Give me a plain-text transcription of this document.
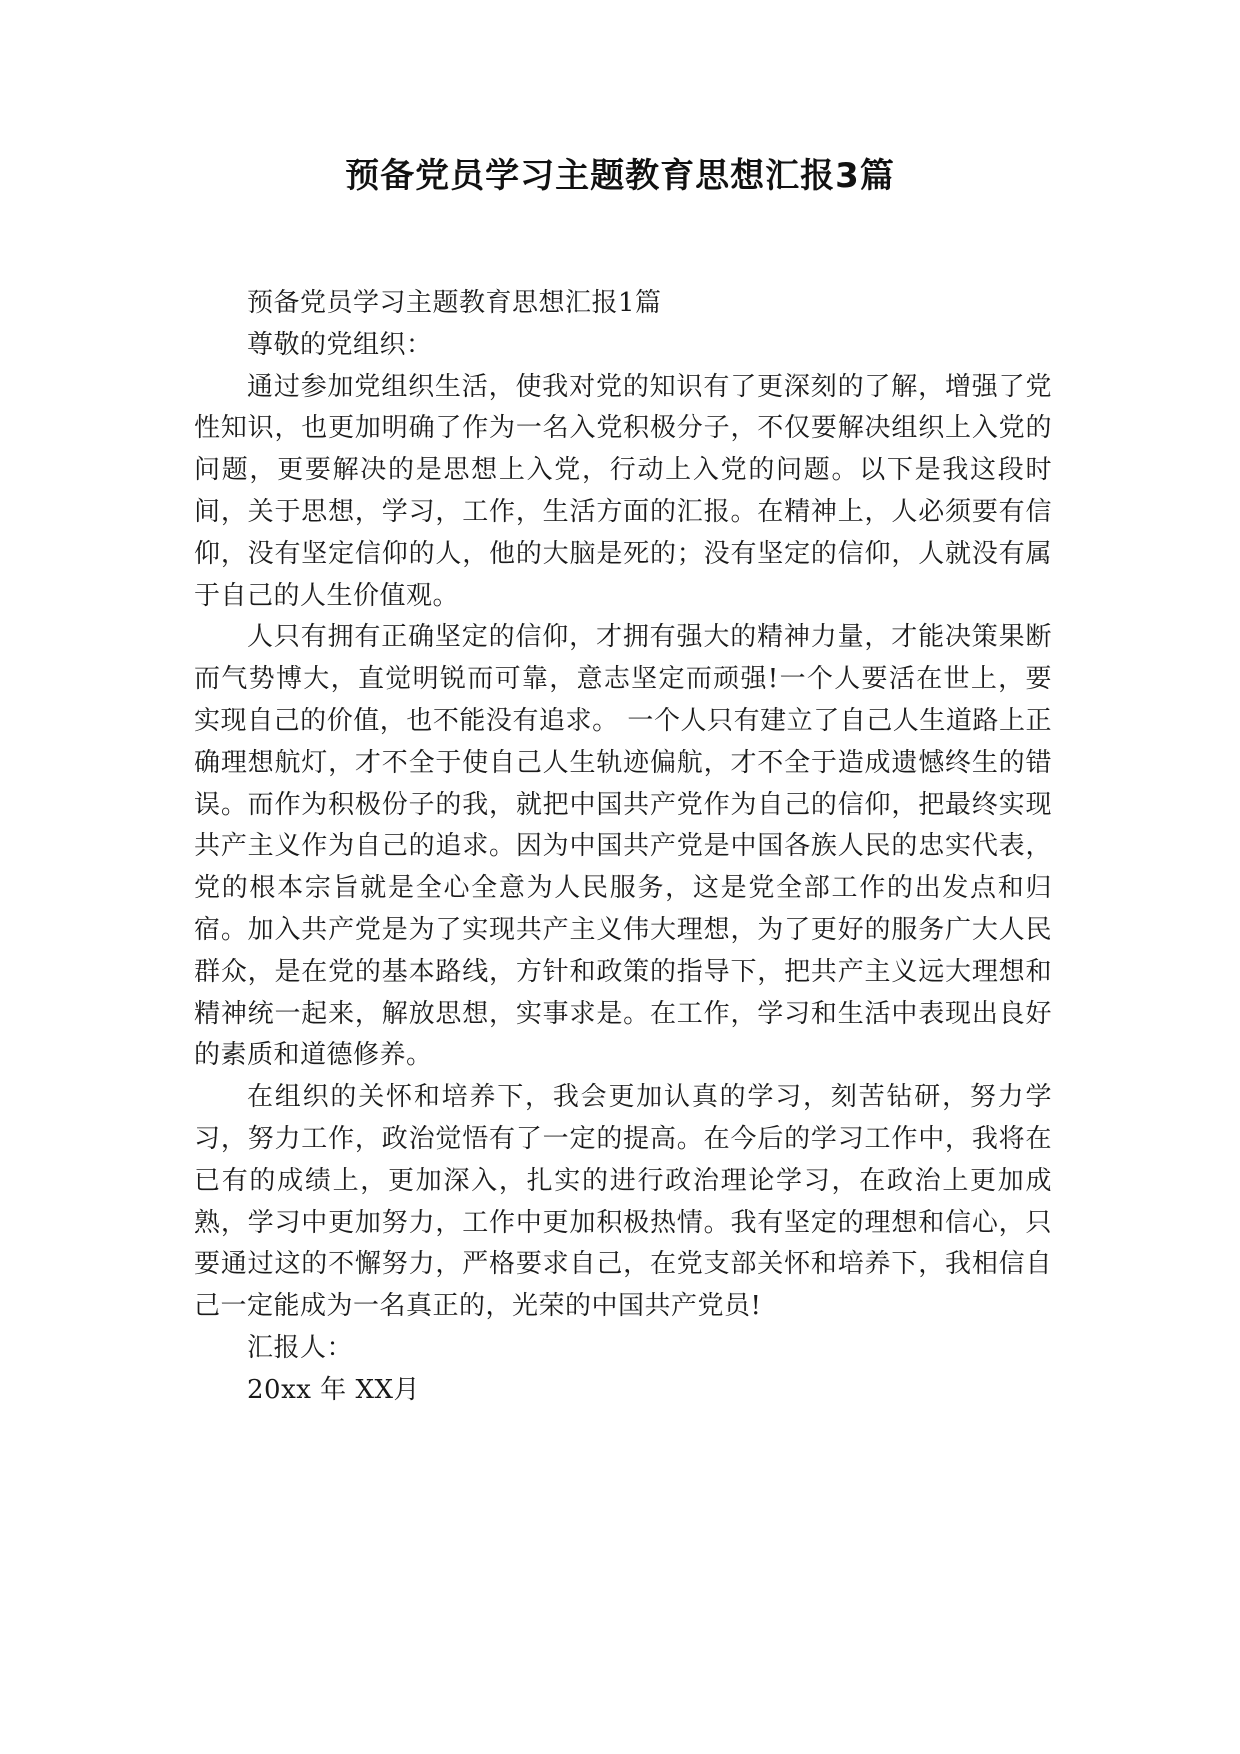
预备党员学习主题教育思想汇报3篇

预备党员学习主题教育思想汇报1篇

尊敬的党组织：

通过参加党组织生活，使我对党的知识有了更深刻的了解，增强了党性知识，也更加明确了作为一名入党积极分子，不仅要解决组织上入党的问题，更要解决的是思想上入党，行动上入党的问题。以下是我这段时间，关于思想，学习，工作，生活方面的汇报。在精神上，人必须要有信仰，没有坚定信仰的人，他的大脑是死的；没有坚定的信仰，人就没有属于自己的人生价值观。

人只有拥有正确坚定的信仰，才拥有强大的精神力量，才能决策果断而气势博大，直觉明锐而可靠，意志坚定而顽强!一个人要活在世上，要实现自己的价值，也不能没有追求。 一个人只有建立了自己人生道路上正确理想航灯，才不全于使自己人生轨迹偏航，才不全于造成遗憾终生的错误。而作为积极份子的我，就把中国共产党作为自己的信仰，把最终实现共产主义作为自己的追求。因为中国共产党是中国各族人民的忠实代表，党的根本宗旨就是全心全意为人民服务，这是党全部工作的出发点和归宿。加入共产党是为了实现共产主义伟大理想，为了更好的服务广大人民群众，是在党的基本路线，方针和政策的指导下，把共产主义远大理想和精神统一起来，解放思想，实事求是。在工作，学习和生活中表现出良好的素质和道德修养。

在组织的关怀和培养下，我会更加认真的学习，刻苦钻研，努力学习，努力工作，政治觉悟有了一定的提高。在今后的学习工作中，我将在已有的成绩上，更加深入，扎实的进行政治理论学习，在政治上更加成熟，学习中更加努力，工作中更加积极热情。我有坚定的理想和信心，只要通过这的不懈努力，严格要求自己，在党支部关怀和培养下，我相信自己一定能成为一名真正的，光荣的中国共产党员!

汇报人：

20xx 年 XX月
